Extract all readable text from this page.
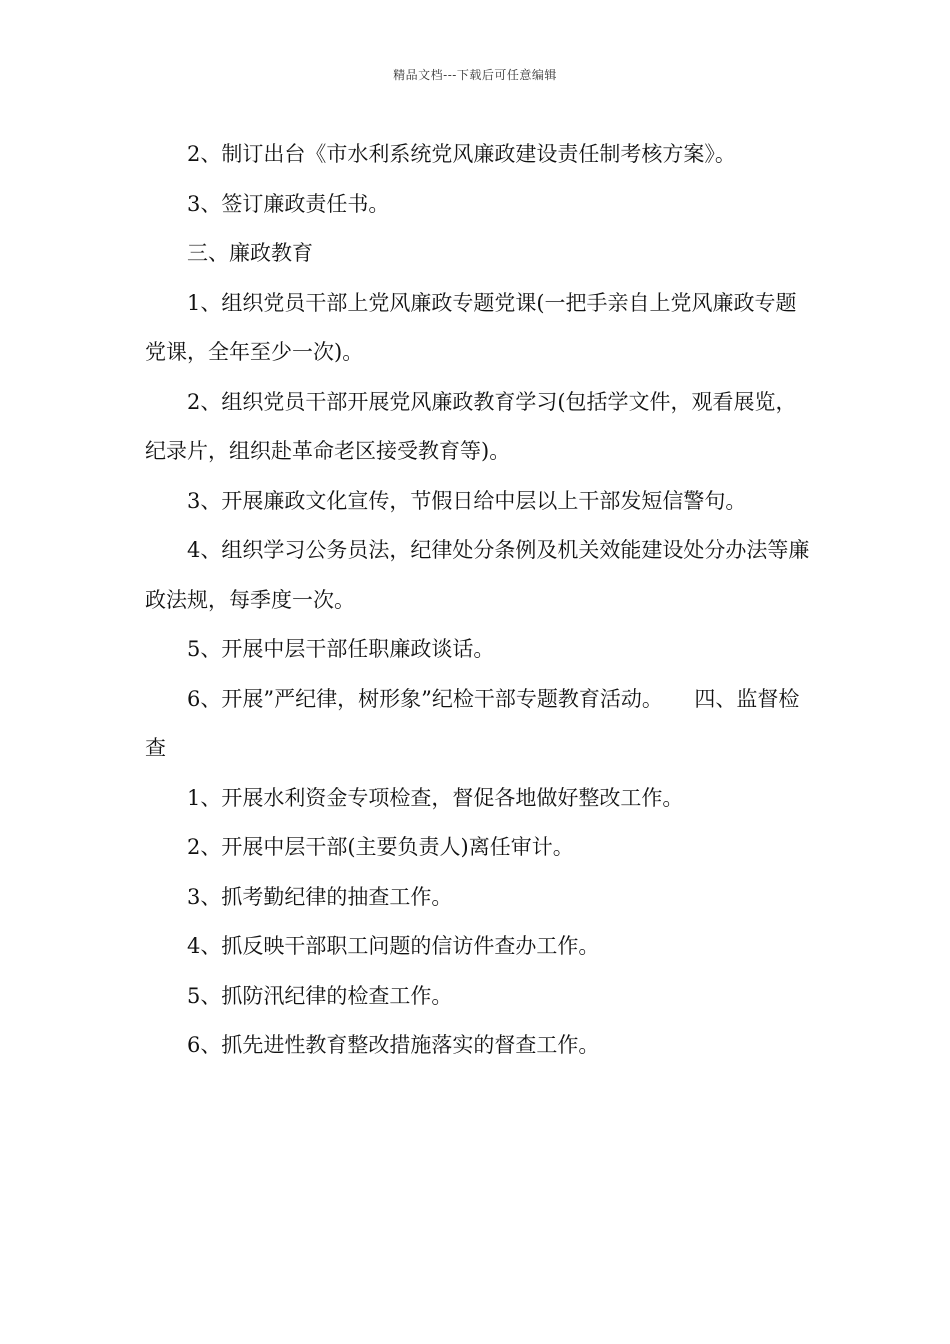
精品文档---下载后可任意编辑

2、制订出台《市水利系统党风廉政建设责任制考核方案》。

3、签订廉政责任书。

三、廉政教育

1、组织党员干部上党风廉政专题党课(一把手亲自上党风廉政专题党课，全年至少一次)。

2、组织党员干部开展党风廉政教育学习(包括学文件，观看展览，纪录片，组织赴革命老区接受教育等)。

3、开展廉政文化宣传，节假日给中层以上干部发短信警句。

4、组织学习公务员法，纪律处分条例及机关效能建设处分办法等廉政法规，每季度一次。

5、开展中层干部任职廉政谈话。

6、开展”严纪律，树形象”纪检干部专题教育活动。　　四、监督检查

1、开展水利资金专项检查，督促各地做好整改工作。

2、开展中层干部(主要负责人)离任审计。

3、抓考勤纪律的抽查工作。

4、抓反映干部职工问题的信访件查办工作。

5、抓防汛纪律的检查工作。

6、抓先进性教育整改措施落实的督查工作。
